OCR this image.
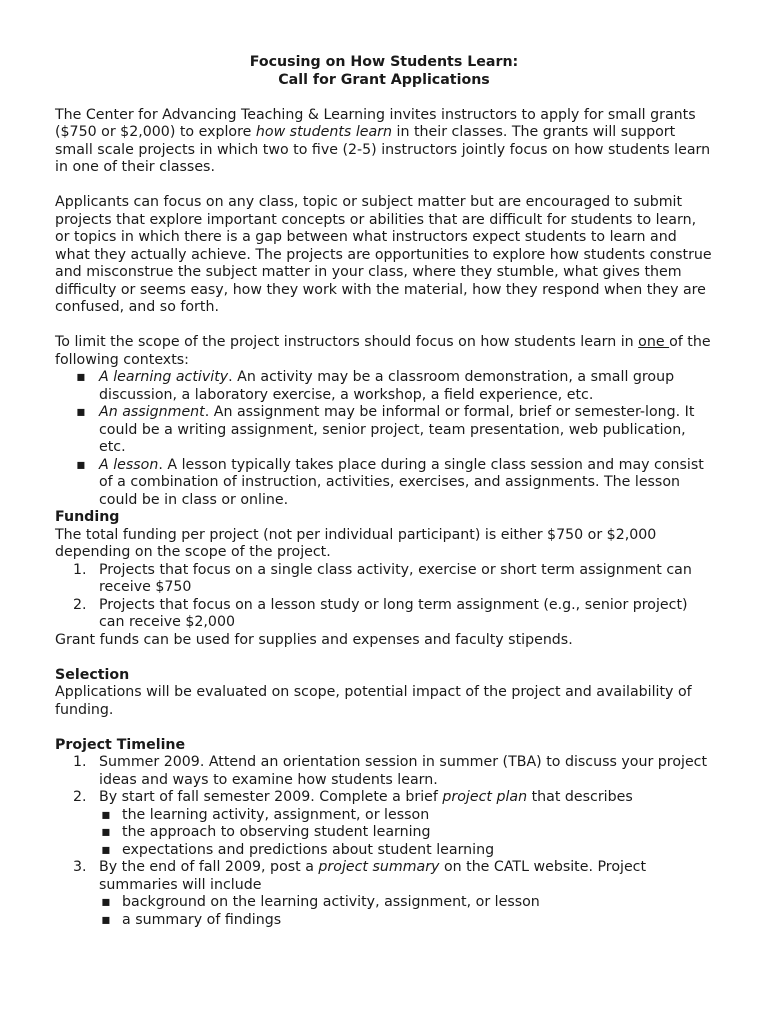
Focusing on How Students Learn:
Call for Grant Applications

The Center for Advancing Teaching & Learning invites instructors to apply for small grants ($750 or $2,000) to explore how students learn in their classes. The grants will support small scale projects in which two to five (2-5) instructors jointly focus on how students learn in one of their classes.

Applicants can focus on any class, topic or subject matter but are encouraged to submit projects that explore important concepts or abilities that are difficult for students to learn, or topics in which there is a gap between what instructors expect students to learn and what they actually achieve. The projects are opportunities to explore how students construe and misconstrue the subject matter in your class, where they stumble, what gives them difficulty or seems easy, how they work with the material, how they respond when they are confused, and so forth.

To limit the scope of the project instructors should focus on how students learn in one of the following contexts:

▪ A learning activity. An activity may be a classroom demonstration, a small group discussion, a laboratory exercise, a workshop, a field experience, etc.
▪ An assignment. An assignment may be informal or formal, brief or semester-long. It could be a writing assignment, senior project, team presentation, web publication, etc.
▪ A lesson. A lesson typically takes place during a single class session and may consist of a combination of instruction, activities, exercises, and assignments. The lesson could be in class or online.
Funding

The total funding per project (not per individual participant) is either $750 or $2,000 depending on the scope of the project.

1. Projects that focus on a single class activity, exercise or short term assignment can receive $750
2. Projects that focus on a lesson study or long term assignment (e.g., senior project) can receive $2,000

Grant funds can be used for supplies and expenses and faculty stipends.

Selection

Applications will be evaluated on scope, potential impact of the project and availability of funding.

Project Timeline
1. Summer 2009. Attend an orientation session in summer (TBA) to discuss your project ideas and ways to examine how students learn.
2. By start of fall semester 2009. Complete a brief project plan that describes
▪ the learning activity, assignment, or lesson
▪ the approach to observing student learning
▪ expectations and predictions about student learning
3. By the end of fall 2009, post a project summary on the CATL website. Project summaries will include
▪ background on the learning activity, assignment, or lesson
▪ a summary of findings
